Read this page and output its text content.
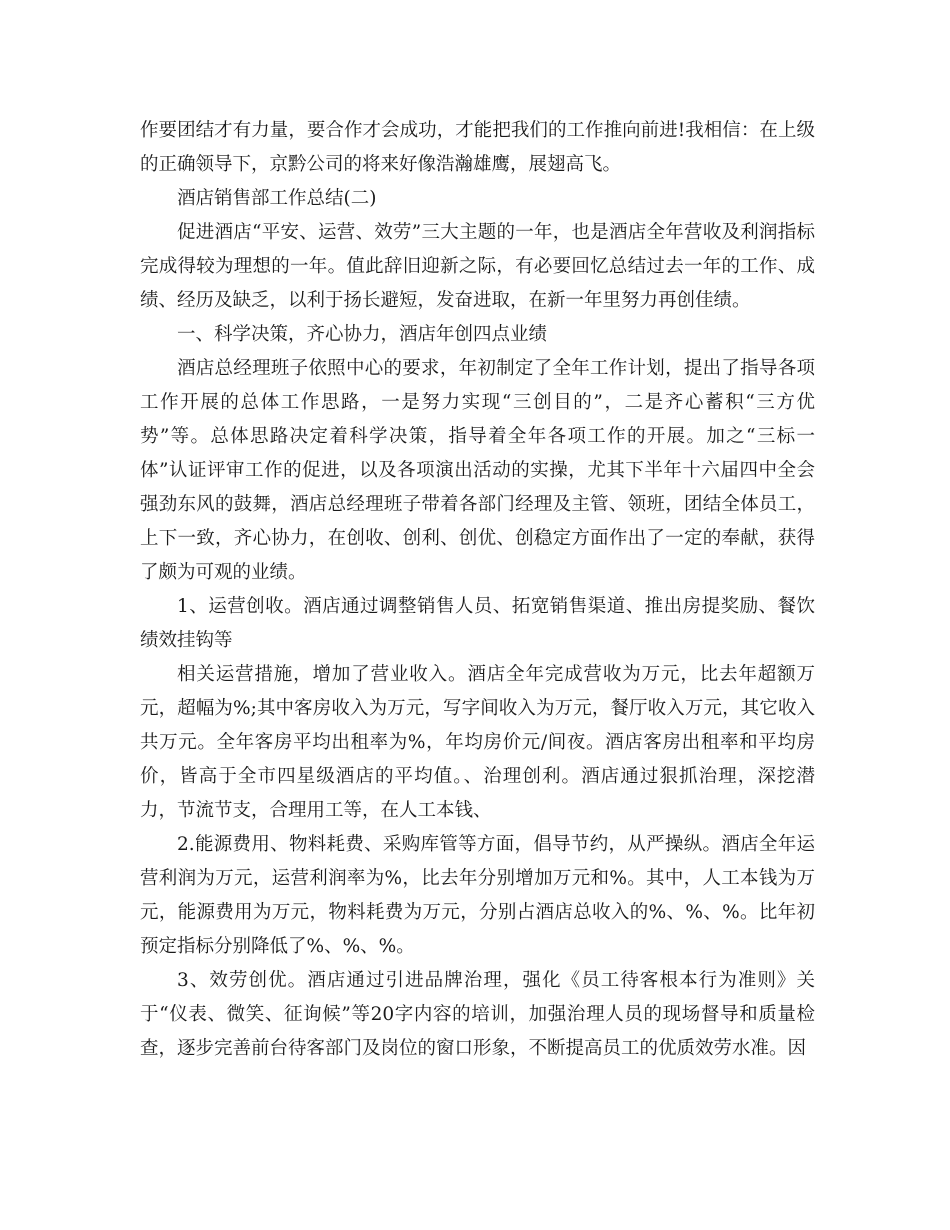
作要团结才有力量，要合作才会成功，才能把我们的工作推向前进!我相信：在上级的正确领导下，京黔公司的将来好像浩瀚雄鹰，展翅高飞。

酒店销售部工作总结(二)

促进酒店“平安、运营、效劳”三大主题的一年，也是酒店全年营收及利润指标完成得较为理想的一年。值此辞旧迎新之际，有必要回忆总结过去一年的工作、成绩、经历及缺乏，以利于扬长避短，发奋进取，在新一年里努力再创佳绩。

一、科学决策，齐心协力，酒店年创四点业绩

酒店总经理班子依照中心的要求，年初制定了全年工作计划，提出了指导各项工作开展的总体工作思路，一是努力实现“三创目的”，二是齐心蓄积“三方优势”等。总体思路决定着科学决策，指导着全年各项工作的开展。加之“三标一体”认证评审工作的促进，以及各项演出活动的实操，尤其下半年十六届四中全会强劲东风的鼓舞，酒店总经理班子带着各部门经理及主管、领班，团结全体员工，上下一致，齐心协力，在创收、创利、创优、创稳定方面作出了一定的奉献，获得了颇为可观的业绩。

1、运营创收。酒店通过调整销售人员、拓宽销售渠道、推出房提奖励、餐饮绩效挂钩等

相关运营措施，增加了营业收入。酒店全年完成营收为万元，比去年超额万元，超幅为%;其中客房收入为万元，写字间收入为万元，餐厅收入万元，其它收入共万元。全年客房平均出租率为%，年均房价元/间夜。酒店客房出租率和平均房价，皆高于全市四星级酒店的平均值。、治理创利。酒店通过狠抓治理，深挖潜力，节流节支，合理用工等，在人工本钱、

2.能源费用、物料耗费、采购库管等方面，倡导节约，从严操纵。酒店全年运营利润为万元，运营利润率为%，比去年分别增加万元和%。其中，人工本钱为万元，能源费用为万元，物料耗费为万元，分别占酒店总收入的%、%、%。比年初预定指标分别降低了%、%、%。

3、效劳创优。酒店通过引进品牌治理，强化《员工待客根本行为准则》关于“仪表、微笑、征询候”等20字内容的培训，加强治理人员的现场督导和质量检查，逐步完善前台待客部门及岗位的窗口形象，不断提高员工的优质效劳水准。因
